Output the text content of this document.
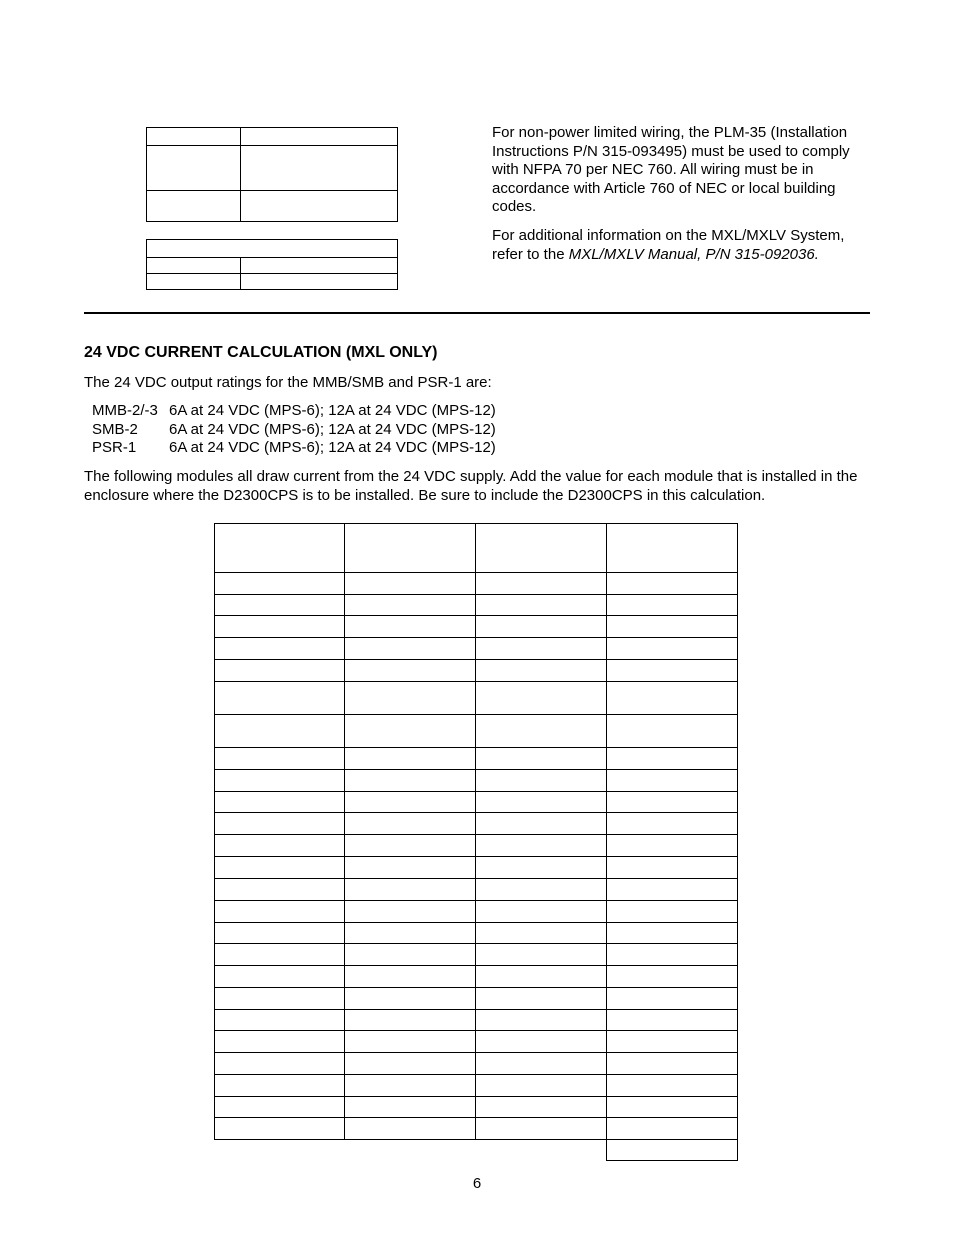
For non-power limited wiring, the PLM-35 (Installation Instructions P/N 315-093495) must be used to comply with NFPA 70 per NEC 760. All wiring must be in accordance with Article 760 of NEC or local building codes.
For additional information on the MXL/MXLV System, refer to the MXL/MXLV Manual, P/N 315-092036.
24 VDC CURRENT CALCULATION (MXL ONLY)
The 24 VDC output ratings for the MMB/SMB and PSR-1 are:
MMB-2/-3	6A at 24 VDC (MPS-6); 12A at 24 VDC (MPS-12)
SMB-2	6A at 24 VDC (MPS-6); 12A at 24 VDC (MPS-12)
PSR-1	6A at 24 VDC (MPS-6); 12A at 24 VDC (MPS-12)
The following modules all draw current from the 24 VDC supply. Add the value for each module that is installed in the enclosure where the D2300CPS is to be installed. Be sure to include the D2300CPS in this calculation.
6
